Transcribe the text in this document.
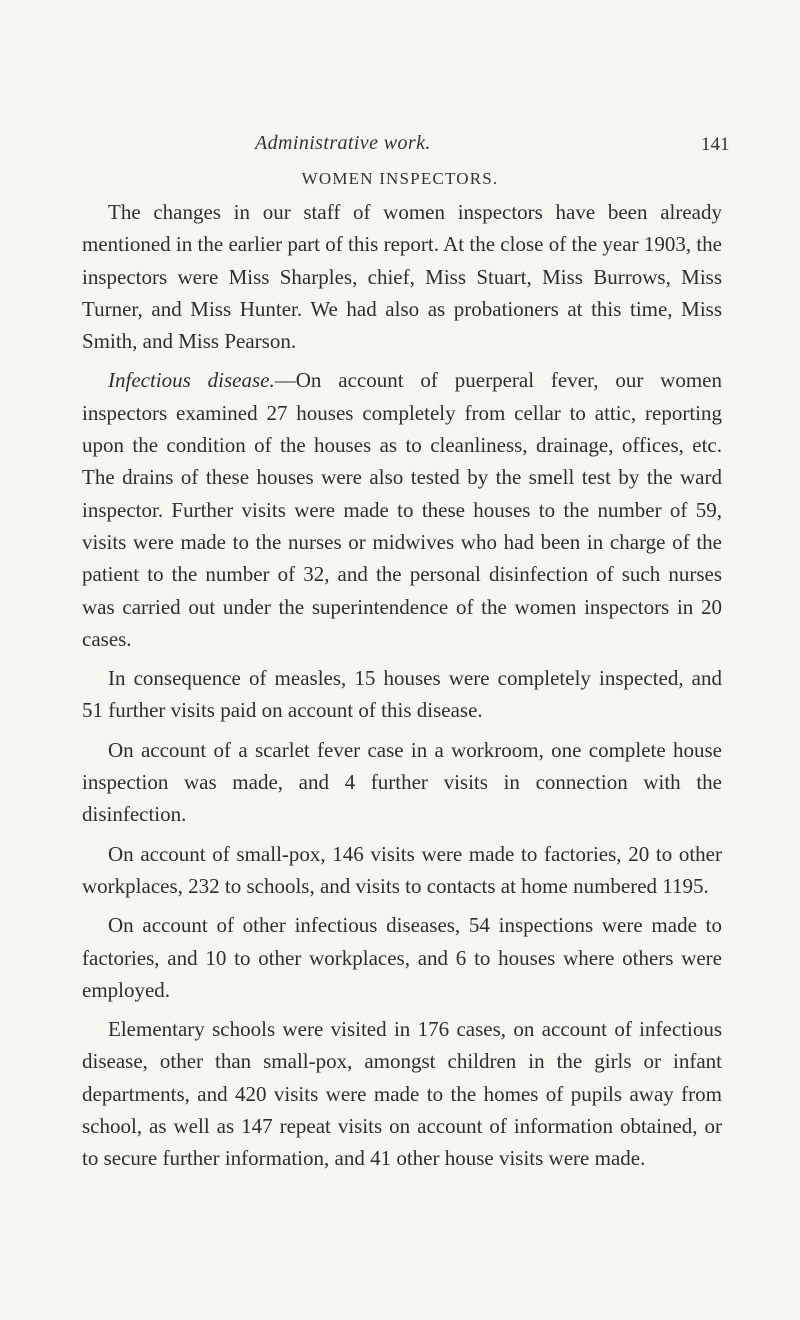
Administrative work.	141
WOMEN INSPECTORS.

The changes in our staff of women inspectors have been already mentioned in the earlier part of this report. At the close of the year 1903, the inspectors were Miss Sharples, chief, Miss Stuart, Miss Burrows, Miss Turner, and Miss Hunter. We had also as probationers at this time, Miss Smith, and Miss Pearson.

Infectious disease.—On account of puerperal fever, our women inspectors examined 27 houses completely from cellar to attic, reporting upon the condition of the houses as to cleanliness, drainage, offices, etc. The drains of these houses were also tested by the smell test by the ward inspector. Further visits were made to these houses to the number of 59, visits were made to the nurses or midwives who had been in charge of the patient to the number of 32, and the personal disinfection of such nurses was carried out under the superintendence of the women inspectors in 20 cases.

In consequence of measles, 15 houses were completely inspected, and 51 further visits paid on account of this disease.

On account of a scarlet fever case in a workroom, one complete house inspection was made, and 4 further visits in connection with the disinfection.

On account of small-pox, 146 visits were made to factories, 20 to other workplaces, 232 to schools, and visits to contacts at home numbered 1195.

On account of other infectious diseases, 54 inspections were made to factories, and 10 to other workplaces, and 6 to houses where others were employed.

Elementary schools were visited in 176 cases, on account of infectious disease, other than small-pox, amongst children in the girls or infant departments, and 420 visits were made to the homes of pupils away from school, as well as 147 repeat visits on account of information obtained, or to secure further information, and 41 other house visits were made.
